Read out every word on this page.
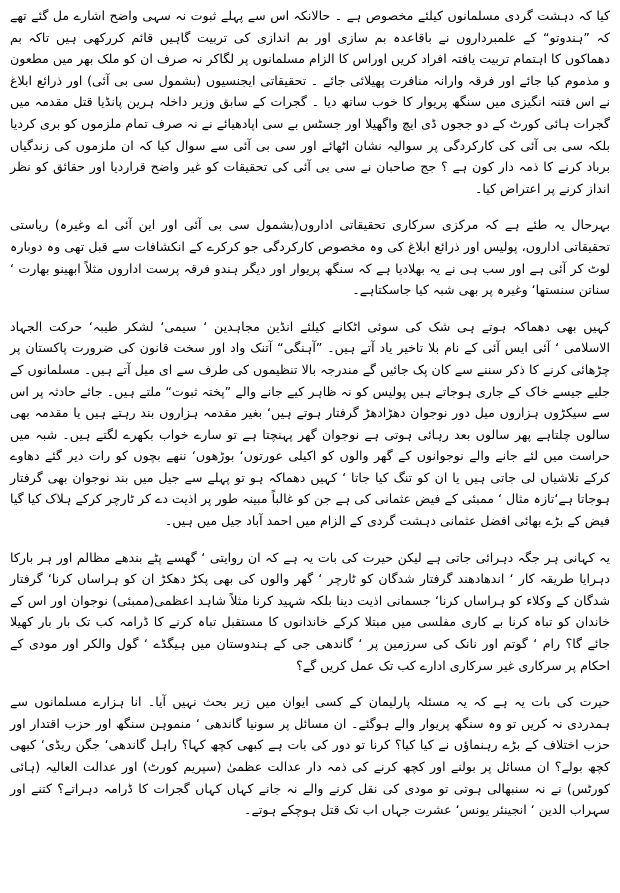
کیا کہ دہشت گردی مسلمانوں کیلئے مخصوص ہے ۔ حالانکہ اس سے پہلے ثبوت نہ سہی واضح اشارے مل گئے تھے کہ ”ہندوتو“ کے علمبرداروں نے باقاعدہ بم سازی اور بم اندازی کی تربیت گاہیں قائم کررکھی ہیں تاکہ بم دھماکوں کا اہتمام تربیت یافتہ افراد کریں اوراس کا الزام مسلمانوں پر لگاکر نہ صرف ان کو ملک بھر میں مطعون و مذموم کیا جائے اور فرقہ وارانہ منافرت پھیلائی جائے ۔ تحقیقاتی ایجنسیوں (بشمول سی بی آئی) اور ذرائع ابلاغ نے اس فتنہ انگیزی میں سنگھ پریوار کا خوب ساتھ دیا ۔ گجرات کے سابق وزیر داخلہ ہرین پانڈیا قتل مقدمہ میں گجرات ہائی کورٹ کے دو ججوں ڈی ایچ واگھیلا اور جسٹس بے سی اپادھیائے نے نہ صرف تمام ملزموں کو بری کردیا بلکہ سی بی آئی کی کارکردگی پر سوالیہ نشان اٹھائے اور سی بی آئی سے سوال کیا کہ ان ملزموں کی زندگیاں برباد کرنے کا ذمہ دار کون ہے ؟ جج صاحبان نے سی بی آئی کی تحقیقات کو غیر واضح قراردیا اور حقائق کو نظر انداز کرنے پر اعتراض کیا۔

بہرحال یہ طئے ہے کہ مرکزی سرکاری تحقیقاتی اداروں(بشمول سی بی آئی اور این آئی اے وغیرہ) ریاستی تحقیقاتی اداروں، پولیس اور ذرائع ابلاغ کی وہ مخصوص کارکردگی جو کرکرے کے انکشافات سے قبل تھی وہ دوبارہ لوٹ کر آئی ہے اور سب ہی نے یہ بھلادیا ہے کہ سنگھ پریوار اور دیگر ہندو فرقہ پرست اداروں مثلاً ابھینو بھارت ‘ سناتن سنستھا‘ وغیرہ پر بھی شبہ کیا جاسکتاہے۔

کہیں بھی دھماکہ ہوتے ہی شک کی سوئی اٹکانے کیلئے انڈین مجاہدین ‘ سیمی‘ لشکر طیبہ‘ حرکت الجہاد الاسلامی ‘ آئی ایس آئی کے نام بلا تاخیر یاد آتے ہیں۔ ”آہنگی“ آتنک واد اور سخت قانون کی ضرورت پاکستان پر چڑھائی کرنے کا ذکر سننے سے کان پک جائیں گے مندرجہ بالا تنظیموں کی طرف سے ای میل آتے ہیں۔ مسلمانوں کے جلیے جیسے خاک کے جاری ہوجاتے ہیں پولیس کو نہ ظاہر کیے جانے والے ”پختہ ثبوت“ ملتے ہیں۔ جائے حادثہ پر اس سے سیکڑوں ہزاروں میل دور نوجوان دھڑادھڑ گرفتار ہوتے ہیں‘ بغیر مقدمہ ہزاروں بند رہتے ہیں یا مقدمہ بھی سالوں چلتاہے پھر سالوں بعد رہائی ہوتی ہے نوجوان گھر پہنچتا ہے تو سارے خواب بکھرے لگتے ہیں۔ شبہ میں حراست میں لئے جانے والے نوجوانوں کے گھر والوں کو اکیلی عورتوں‘ بوڑھوں‘ ننھے بچوں کو رات دیر گئے دھاوے کرکے تلاشیاں لی جاتی ہیں یا ان کو تنگ کیا جاتا ‘ کہیں دھماکہ ہو تو پہلے سے جیل میں بند نوجوان بھی گرفتار ہوجاتا ہے‘تازہ مثال ‘ ممبئی کے فیض عثمانی کی ہے جن کو غالباً مبینہ طور پر اذیت دے کر ٹارچر کرکے ہلاک کیا گیا فیض کے بڑے بھائی افضل عثمانی دہشت گردی کے الزام میں احمد آباد جیل میں ہیں۔

یہ کہانی ہر جگہ دہرائی جاتی ہے لیکن حیرت کی بات یہ ہے کہ ان روایتی ‘ گھسے پٹے بندھے مظالم اور ہر بارکا دہرایا طریقہ کار ‘ اندھادھند گرفتار شدگان کو ٹارچر ‘ گھر والوں کی بھی پکڑ دھکڑ ان کو ہراساں کرنا‘ گرفتار شدگان کے وکلاء کو ہراساں کرنا‘ جسمانی اذیت دینا بلکہ شہید کرنا مثلاً شاہد اعظمی(ممبئی) نوجوان اور اس کے خاندان کو تباہ کرنا بے کاری مفلسی میں مبتلا کرکے خاندانوں کا مستقبل تباہ کرنے کا ڈرامہ کب تک بار بار کھیلا جائے گا؟ رام ‘ گوتم اور نانک کی سرزمین پر ‘ گاندھی جی کے ہندوستان میں ہیگڈے ‘ گول والکر اور مودی کے احکام پر سرکاری غیر سرکاری ادارے کب تک عمل کریں گے؟

حیرت کی بات یہ ہے کہ یہ مسئلہ پارلیمان کے کسی ایوان میں زیر بحث نہیں آیا۔ انا ہزارے مسلمانوں سے ہمدردی نہ کریں تو وہ سنگھ پریوار والے ہوگئے۔ ان مسائل پر سونیا گاندھی ‘ منموہن سنگھ اور حزب اقتدار اور حزب اختلاف کے بڑے رہنماؤں نے کیا کیا؟ کرنا تو دور کی بات ہے کبھی کچھ کہا؟ راہل گاندھی‘ جگن ریڈی‘ کبھی کچھ بولے؟ ان مسائل پر بولنے اور کچھ کرنے کی ذمہ دار عدالت عظمیٰ (سپریم کورٹ) اور عدالت العالیہ (ہائی کورٹس) نے نہ سنبھالی ہوتی تو مودی کی نقل کرنے والے نہ جانے کہاں کہاں گجرات کا ڈرامہ دہراتے؟ کتنے اور سہراب الدین ‘ انجینئر یونس‘ عشرت جہاں اب تک قتل ہوچکے ہوتے۔
